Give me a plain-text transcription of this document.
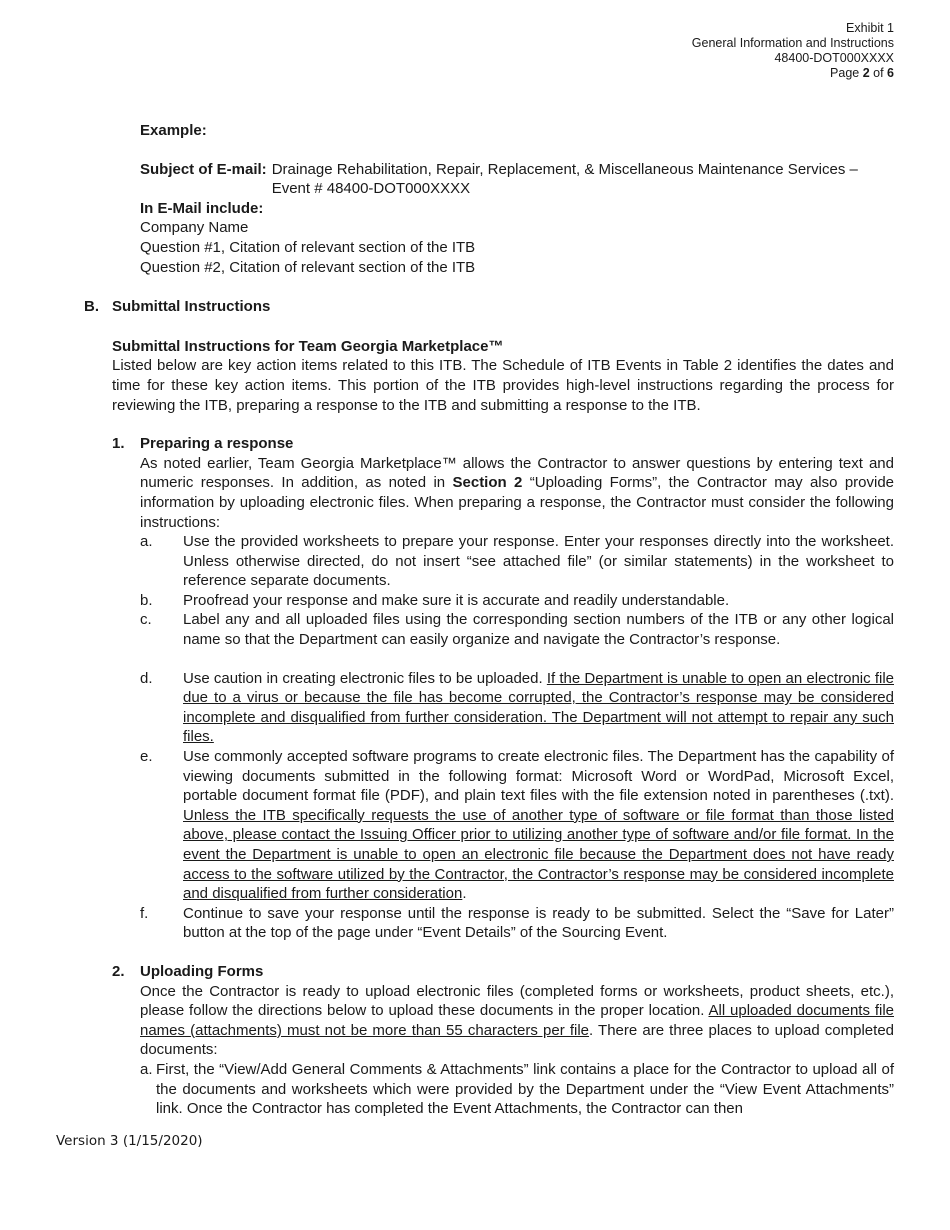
Exhibit 1
General Information and Instructions
48400-DOT000XXXX
Page 2 of 6

Example:

Subject of E-mail: Drainage Rehabilitation, Repair, Replacement, & Miscellaneous Maintenance Services –
Event # 48400-DOT000XXXX

In E-Mail include:

Company Name

Question #1, Citation of relevant section of the ITB

Question #2, Citation of relevant section of the ITB

B. Submittal Instructions

Submittal Instructions for Team Georgia Marketplace™

Listed below are key action items related to this ITB. The Schedule of ITB Events in Table 2 identifies the dates and time for these key action items. This portion of the ITB provides high-level instructions regarding the process for reviewing the ITB, preparing a response to the ITB and submitting a response to the ITB.

1.	Preparing a response

As noted earlier, Team Georgia Marketplace™ allows the Contractor to answer questions by entering text and numeric responses. In addition, as noted in Section 2 “Uploading Forms”, the Contractor may also provide information by uploading electronic files. When preparing a response, the Contractor must consider the following instructions:

a.	Use the provided worksheets to prepare your response. Enter your responses directly into the worksheet. Unless otherwise directed, do not insert “see attached file” (or similar statements) in the worksheet to reference separate documents.
b.	Proofread your response and make sure it is accurate and readily understandable.
c.	Label any and all uploaded files using the corresponding section numbers of the ITB or any other logical name so that the Department can easily organize and navigate the Contractor’s response.
d.	Use caution in creating electronic files to be uploaded. If the Department is unable to open an electronic file due to a virus or because the file has become corrupted, the Contractor’s response may be considered incomplete and disqualified from further consideration. The Department will not attempt to repair any such files.
e.	Use commonly accepted software programs to create electronic files. The Department has the capability of viewing documents submitted in the following format: Microsoft Word or WordPad, Microsoft Excel, portable document format file (PDF), and plain text files with the file extension noted in parentheses (.txt). Unless the ITB specifically requests the use of another type of software or file format than those listed above, please contact the Issuing Officer prior to utilizing another type of software and/or file format. In the event the Department is unable to open an electronic file because the Department does not have ready access to the software utilized by the Contractor, the Contractor’s response may be considered incomplete and disqualified from further consideration.
f.	Continue to save your response until the response is ready to be submitted. Select the “Save for Later” button at the top of the page under “Event Details” of the Sourcing Event.
2.	Uploading Forms

Once the Contractor is ready to upload electronic files (completed forms or worksheets, product sheets, etc.), please follow the directions below to upload these documents in the proper location. All uploaded documents file names (attachments) must not be more than 55 characters per file. There are three places to upload completed documents:

a. First, the “View/Add General Comments & Attachments” link contains a place for the Contractor to upload all of the documents and worksheets which were provided by the Department under the “View Event Attachments” link. Once the Contractor has completed the Event Attachments, the Contractor can then
Version 3 (1/15/2020)
